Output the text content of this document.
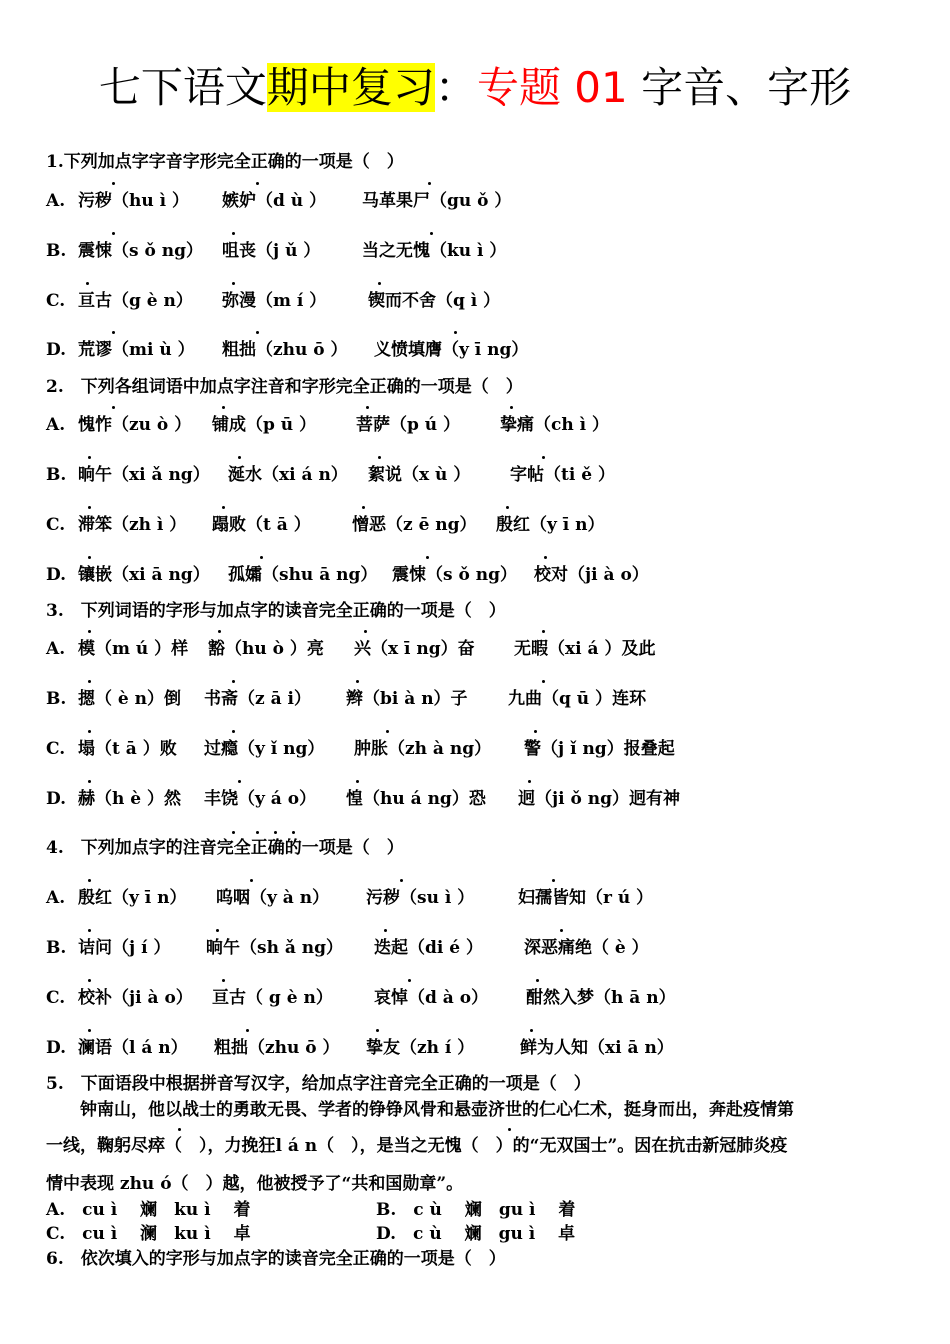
七下语文期中复习：专题 01 字音、字形
1.下列加点字字音字形完全正确的一项是（　）
A. 污秽（hu ì ） 嫉妒（d ù ） 马革果尸（gu ǒ ）
B. 震悚（s ǒ ng） 咀丧（j ǔ ） 当之无愧（ku ì ）
C. 亘古（g è n） 弥漫（m í ） 锲而不舍（q ì ）
D. 荒谬（mi ù ） 粗拙（zhu ō ） 义愤填膺（y ī ng）
2.　下列各组词语中加点字注音和字形完全正确的一项是（　）
A. 愧怍（zu ò ） 铺成（p ū ） 菩萨（p ú ） 挚痛（ch ì ）
B. 晌午（xi ǎ ng） 涎水（xi á n） 絮说（x ù ） 字帖（ti ě ）
C. 滞笨（zh ì ） 蹋败（t ā ） 憎恶（z ē ng） 殷红（y ī n）
D. 镶嵌（xi ā ng） 孤孀（shu ā ng） 震悚（s ǒ ng） 校对（ji à o）
3.　下列词语的字形与加点字的读音完全正确的一项是（　）
A. 模（m ú ）样 豁（hu ò ）亮 兴（x ī ng）奋 无暇（xi á ）及此
B. 摁（ è n）倒 书斋（z ā i） 辫（bi à n）子 九曲（q ū ）连环
C. 塌（t ā ）败 过瘾（y ǐ ng） 肿胀（zh à ng） 警（j ǐ ng）报叠起
D. 赫（h è ）然 丰饶（y á o） 惶（hu á ng）恐 迥（ji ǒ ng）迥有神
4.　下列加点字的注音完全正确的一项是（　）
A. 殷红（y ī n） 呜咽（y à n） 污秽（su ì ）	妇孺皆知（r ú ）
B. 诘问（j í ） 晌午（sh ǎ ng） 迭起（di é ） 深恶痛绝（ è ）
C. 校补（ji à o） 亘古（ g è n） 哀悼（d à o） 酣然入梦（h ā n）
D. 澜语（l á n） 粗拙（zhu ō ） 挚友（zh í ）	鲜为人知（xi ā n）
5.　下面语段中根据拼音写汉字，给加点字注音完全正确的一项是（　）
钟南山，他以战士的勇敢无畏、学者的铮铮风骨和悬壶济世的仁心仁术，挺身而出，奔赴疫情第
一线，鞠躬尽瘁（　），力挽狂l á n（　），是当之无愧（　）的“无双国士”。因在抗击新冠肺炎疫
情中表现 zhu ó（　）越，他被授予了“共和国勋章”。
A.　cu ì　 斓　ku ì　 着	B.　c ù　 斓　gu ì　 着
C.　cu ì　 澜　ku ì　 卓	D.　c ù　 斓　gu ì　 卓
6.　依次填入的字形与加点字的读音完全正确的一项是（　）
